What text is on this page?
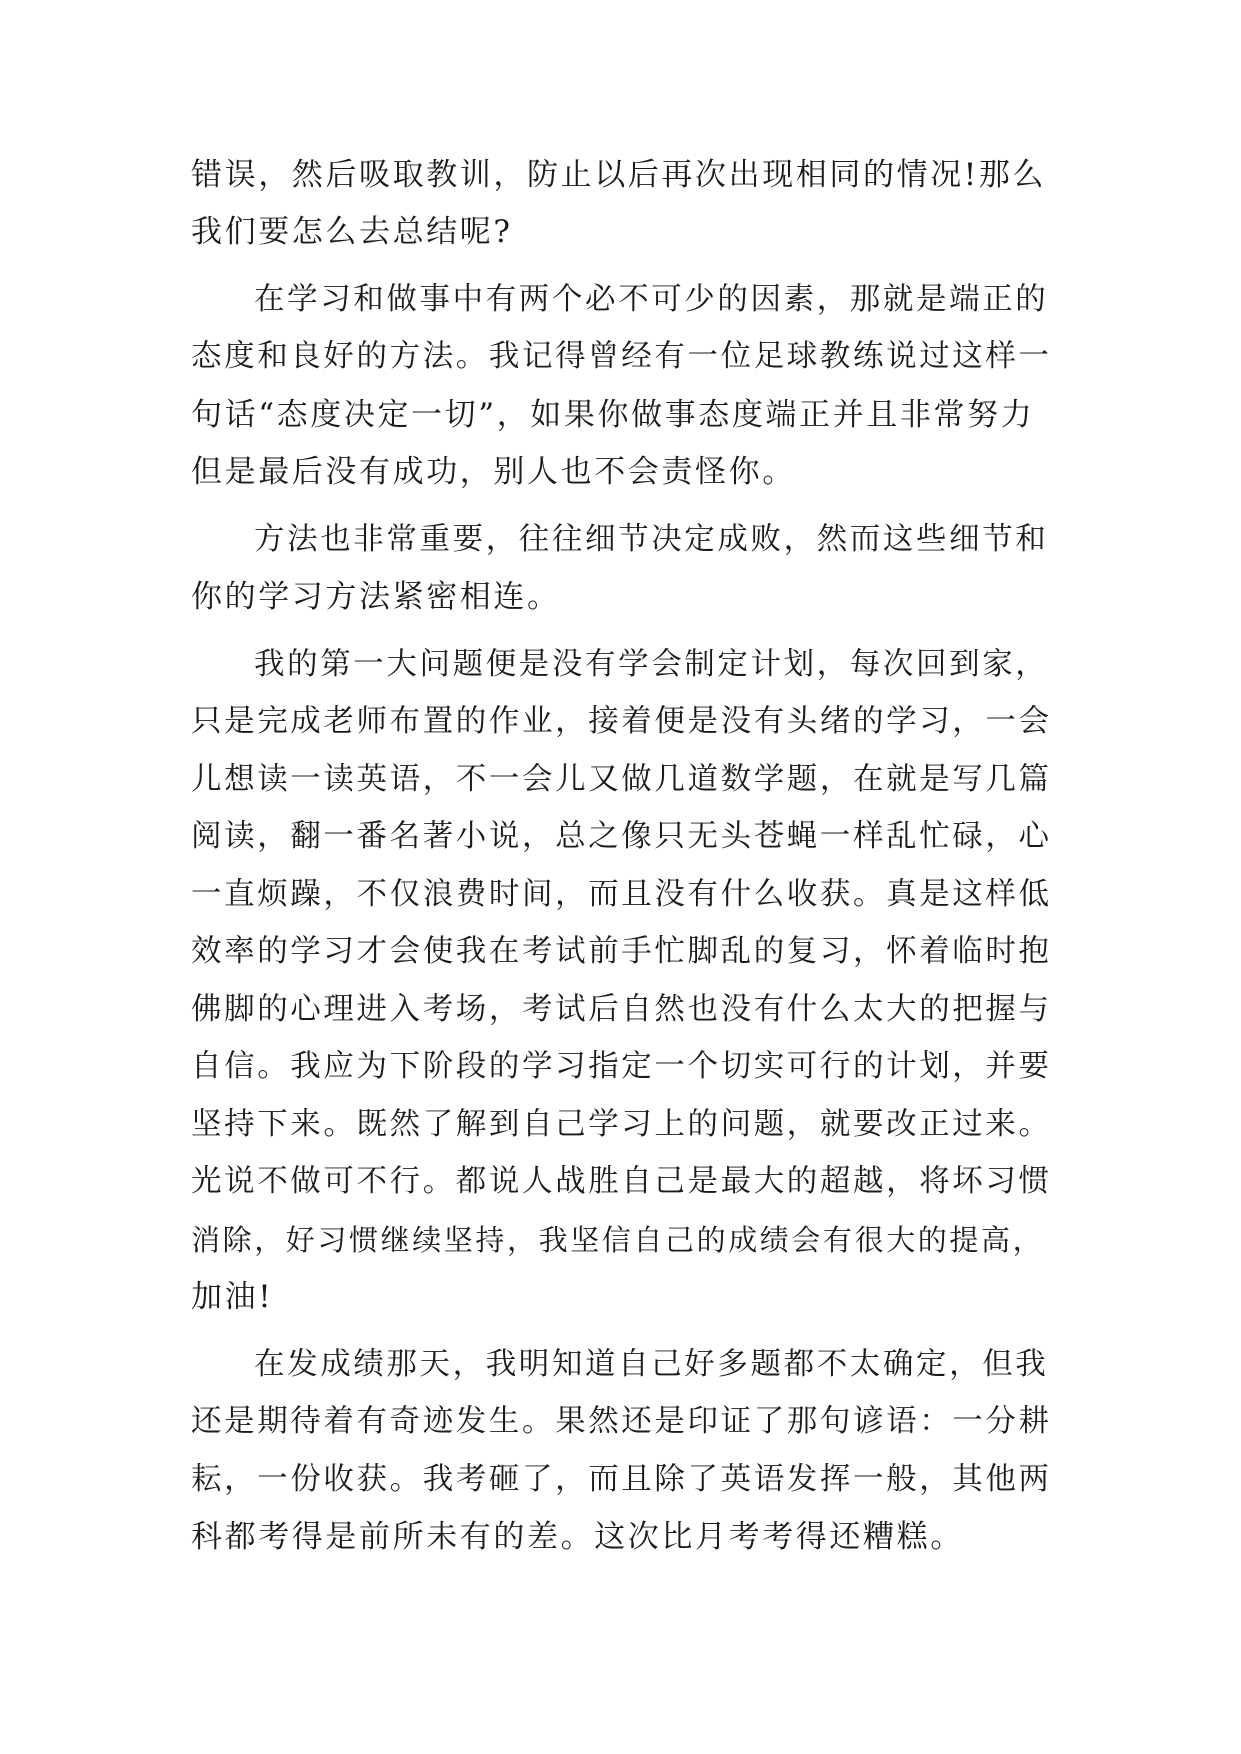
错误，然后吸取教训，防止以后再次出现相同的情况!那么
我们要怎么去总结呢?
在学习和做事中有两个必不可少的因素，那就是端正的
态度和良好的方法。我记得曾经有一位足球教练说过这样一
句话“态度决定一切”，如果你做事态度端正并且非常努力
但是最后没有成功，别人也不会责怪你。
方法也非常重要，往往细节决定成败，然而这些细节和
你的学习方法紧密相连。
我的第一大问题便是没有学会制定计划，每次回到家，
只是完成老师布置的作业，接着便是没有头绪的学习，一会
儿想读一读英语，不一会儿又做几道数学题，在就是写几篇
阅读，翻一番名著小说，总之像只无头苍蝇一样乱忙碌，心
一直烦躁，不仅浪费时间，而且没有什么收获。真是这样低
效率的学习才会使我在考试前手忙脚乱的复习，怀着临时抱
佛脚的心理进入考场，考试后自然也没有什么太大的把握与
自信。我应为下阶段的学习指定一个切实可行的计划，并要
坚持下来。既然了解到自己学习上的问题，就要改正过来。
光说不做可不行。都说人战胜自己是最大的超越，将坏习惯
消除，好习惯继续坚持，我坚信自己的成绩会有很大的提高，
加油!
在发成绩那天，我明知道自己好多题都不太确定，但我
还是期待着有奇迹发生。果然还是印证了那句谚语：一分耕
耘，一份收获。我考砸了，而且除了英语发挥一般，其他两
科都考得是前所未有的差。这次比月考考得还糟糕。
